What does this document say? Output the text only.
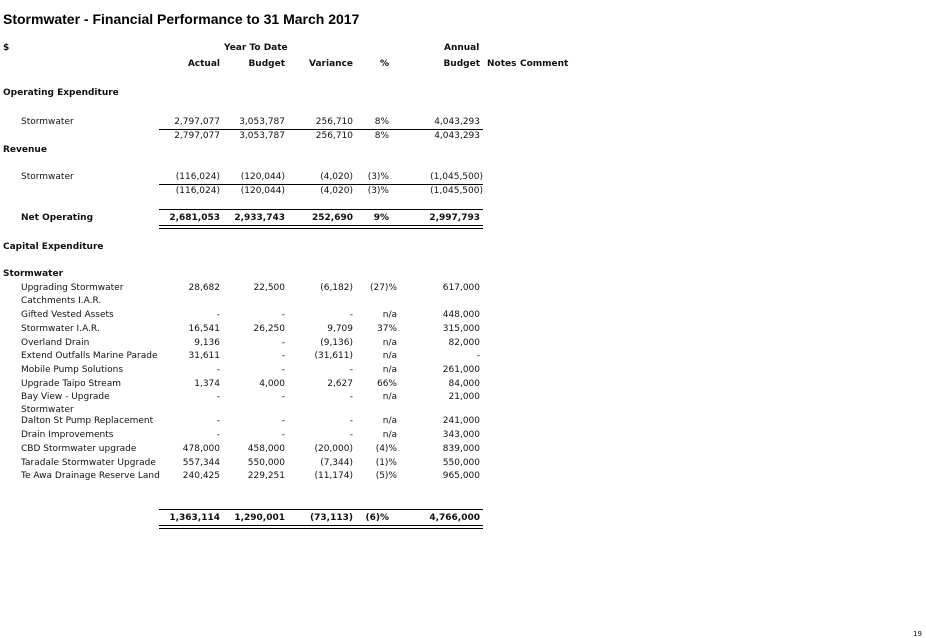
Stormwater - Financial Performance to 31 March 2017
$	Year To Date	Annual
Actual	Budget	Variance	%	Budget Notes Comment
Operating Expenditure
Stormwater	2,797,077	3,053,787	256,710	8%	4,043,293
2,797,077	3,053,787	256,710	8%	4,043,293
Revenue
Stormwater	(116,024)	(120,044)	(4,020)	(3)%	(1,045,500)
(116,024)	(120,044)	(4,020)	(3)%	(1,045,500)
Net Operating	2,681,053	2,933,743	252,690	9%	2,997,793
Capital Expenditure
Stormwater
Upgrading Stormwater
Catchments I.A.R.
28,682	22,500	(6,182)	(27)%	617,000
Gifted Vested Assets	-	-	-	n/a	448,000
Stormwater I.A.R.	16,541	26,250	9,709	37%	315,000
Overland Drain	9,136	-	(9,136)	n/a	82,000
Extend Outfalls Marine Parade	31,611	-	(31,611)	n/a	-
Mobile Pump Solutions	-	-	-	n/a	261,000
Upgrade Taipo Stream	1,374	4,000	2,627	66%	84,000
Bay View - Upgrade
Stormwater
-	-	-	n/a	21,000
Dalton St Pump Replacement	-	-	-	n/a	241,000
Drain Improvements	-	-	-	n/a	343,000
CBD Stormwater upgrade	478,000	458,000	(20,000)	(4)%	839,000
Taradale Stormwater Upgrade	557,344	550,000	(7,344)	(1)%	550,000
Te Awa Drainage Reserve Land	240,425	229,251	(11,174)	(5)%	965,000
1,363,114	1,290,001	(73,113)	(6)%	4,766,000
19
